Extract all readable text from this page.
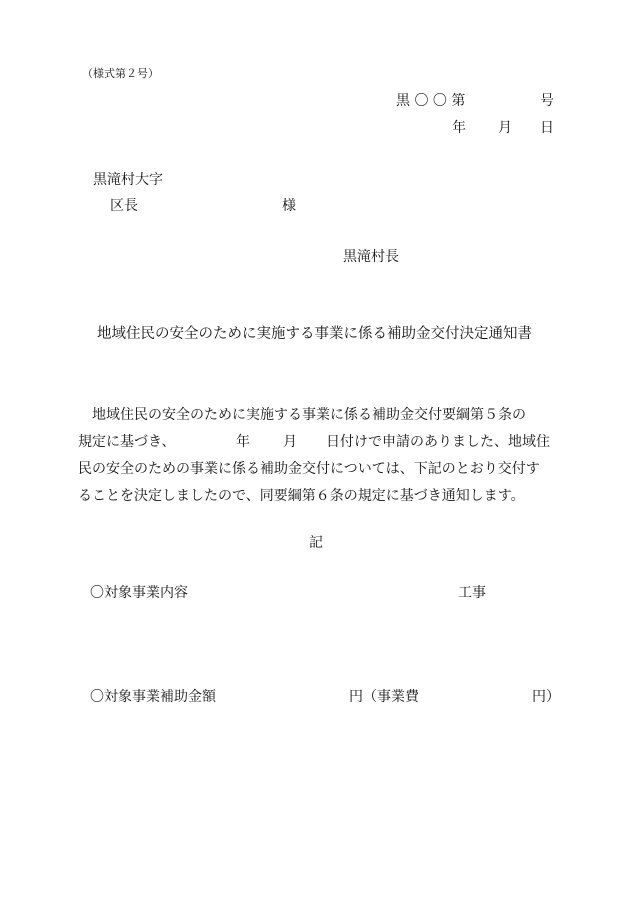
（様式第２号）
黒 〇 〇 第	号
年 月 日
黒滝村大字
区長	様
黒滝村長
地域住民の安全のために実施する事業に係る補助金交付決定通知書
地域住民の安全のために実施する事業に係る補助金交付要綱第５条の
規定に基づき、	年 月 日付けで申請のありました、地域住
民の安全のための事業に係る補助金交付については、下記のとおり交付す
ることを決定しましたので、同要綱第６条の規定に基づき通知します。
記
〇対象事業内容	工事
〇対象事業補助金額	円（事業費	円）
